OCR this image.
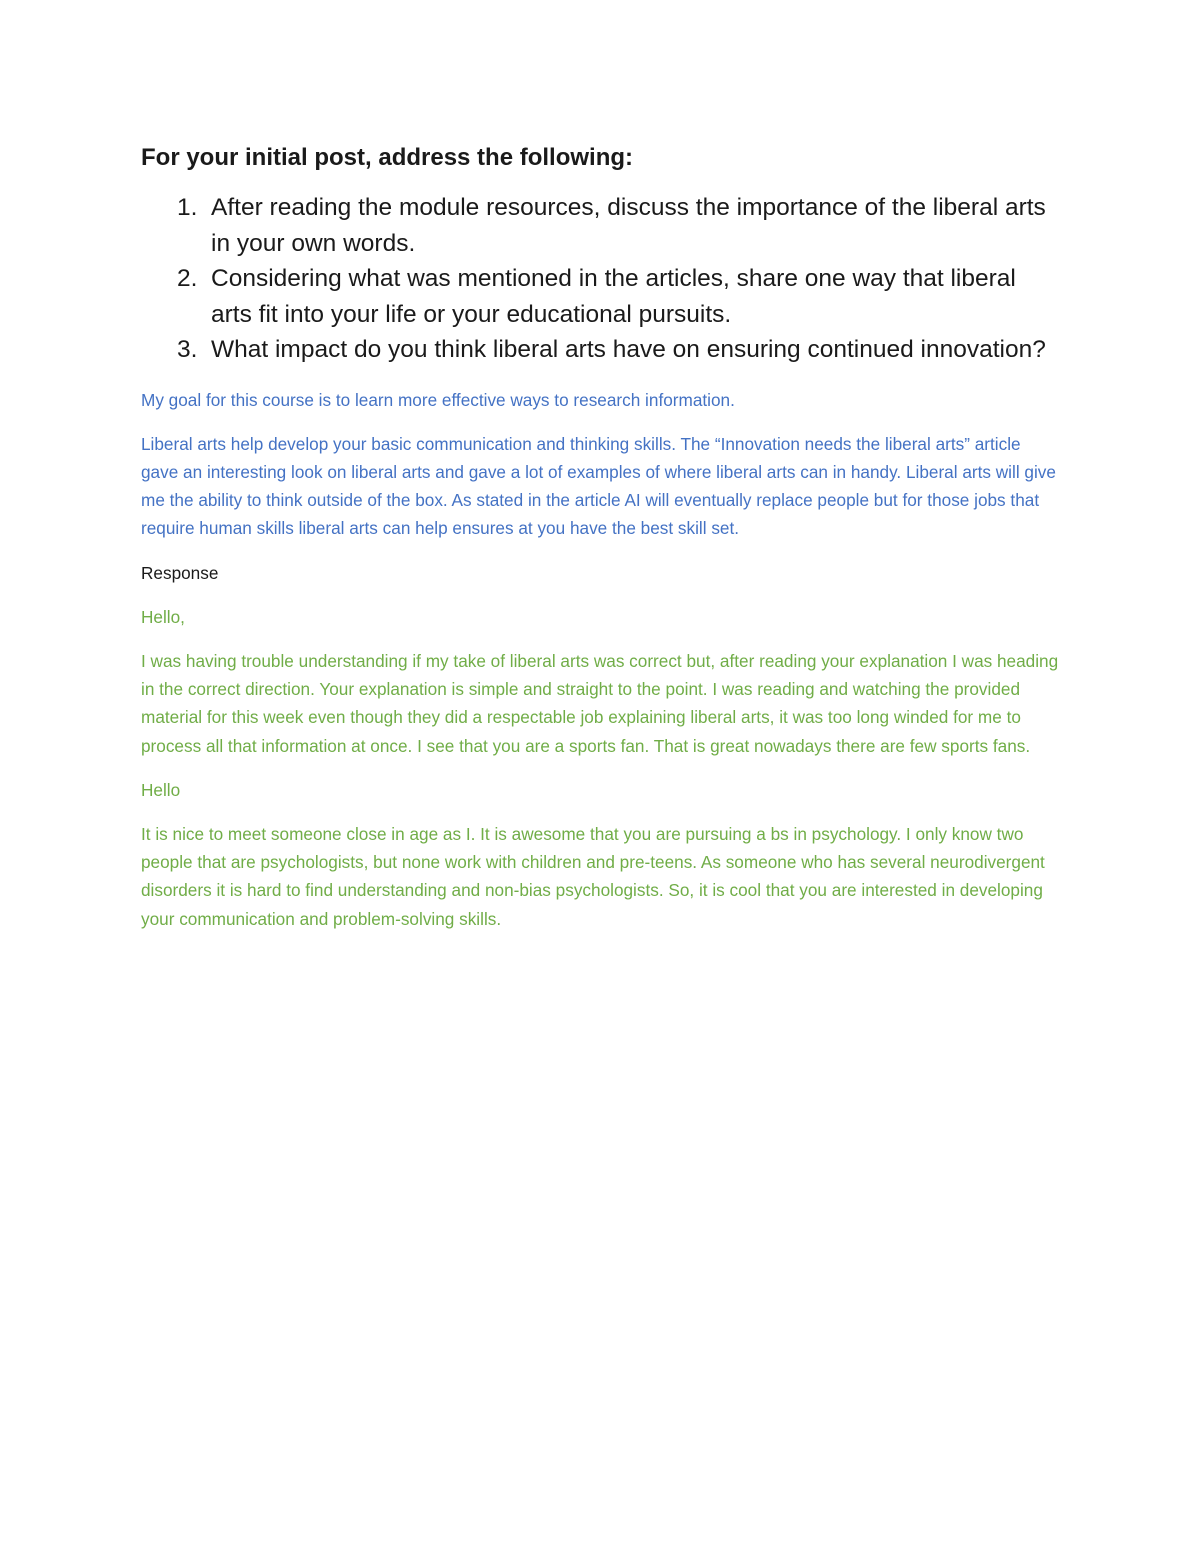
For your initial post, address the following:
1. After reading the module resources, discuss the importance of the liberal arts in your own words.
2. Considering what was mentioned in the articles, share one way that liberal arts fit into your life or your educational pursuits.
3. What impact do you think liberal arts have on ensuring continued innovation?

My goal for this course is to learn more effective ways to research information.

Liberal arts help develop your basic communication and thinking skills. The “Innovation needs the liberal arts” article gave an interesting look on liberal arts and gave a lot of examples of where liberal arts can in handy. Liberal arts will give me the ability to think outside of the box. As stated in the article AI will eventually replace people but for those jobs that require human skills liberal arts can help ensures at you have the best skill set.

Response

Hello,

I was having trouble understanding if my take of liberal arts was correct but, after reading your explanation I was heading in the correct direction. Your explanation is simple and straight to the point. I was reading and watching the provided material for this week even though they did a respectable job explaining liberal arts, it was too long winded for me to process all that information at once. I see that you are a sports fan. That is great nowadays there are few sports fans.

Hello

It is nice to meet someone close in age as I. It is awesome that you are pursuing a bs in psychology. I only know two people that are psychologists, but none work with children and pre-teens. As someone who has several neurodivergent disorders it is hard to find understanding and non-bias psychologists. So, it is cool that you are interested in developing your communication and problem-solving skills.
